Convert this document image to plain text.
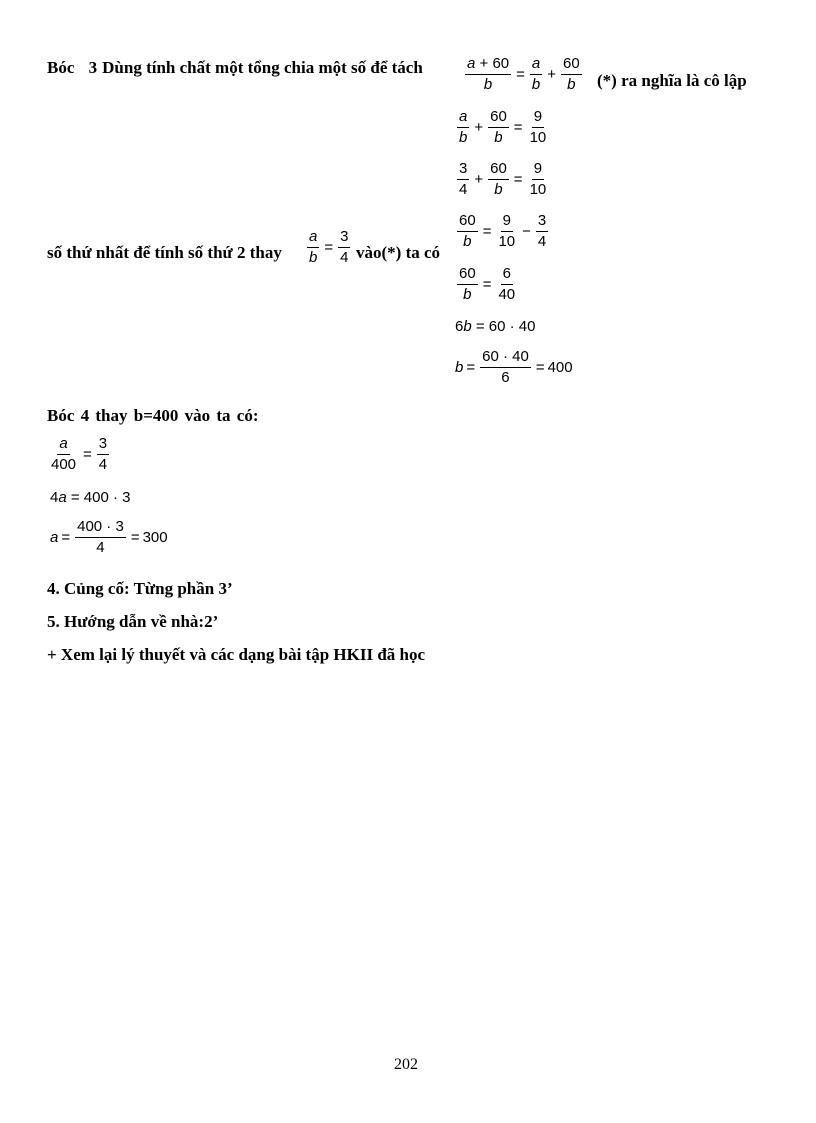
Bóc 3 Dùng tính chất một tổng chia một số để tách	$\frac{a + 60}{b} = \frac{a}{b} + \frac{60}{b}$ (*) ra nghĩa là cô lập
$\frac{a}{b} + \frac{60}{b} = \frac{9}{10}$
$\frac{3}{4} + \frac{60}{b} = \frac{9}{10}$
$\frac{60}{b} = \frac{9}{10} - \frac{3}{4}$
số thứ nhất để tính số thứ 2 thay $\frac{a}{b} = \frac{3}{4}$ vào(*) ta có
$\frac{60}{b} = \frac{6}{40}$
6b = 60 · 40
$b = \frac{60 \cdot 40}{6} = 400$
Bóc 4 thay b=400 vào ta có:
$\frac{a}{400} = \frac{3}{4}$
4a = 400 · 3
$a = \frac{400 \cdot 3}{4} = 300$
4. Củng cố: Từng phần 3’
5. Hướng dẫn về nhà:2’
+ Xem lại lý thuyết và các dạng bài tập HKII đã học
202
